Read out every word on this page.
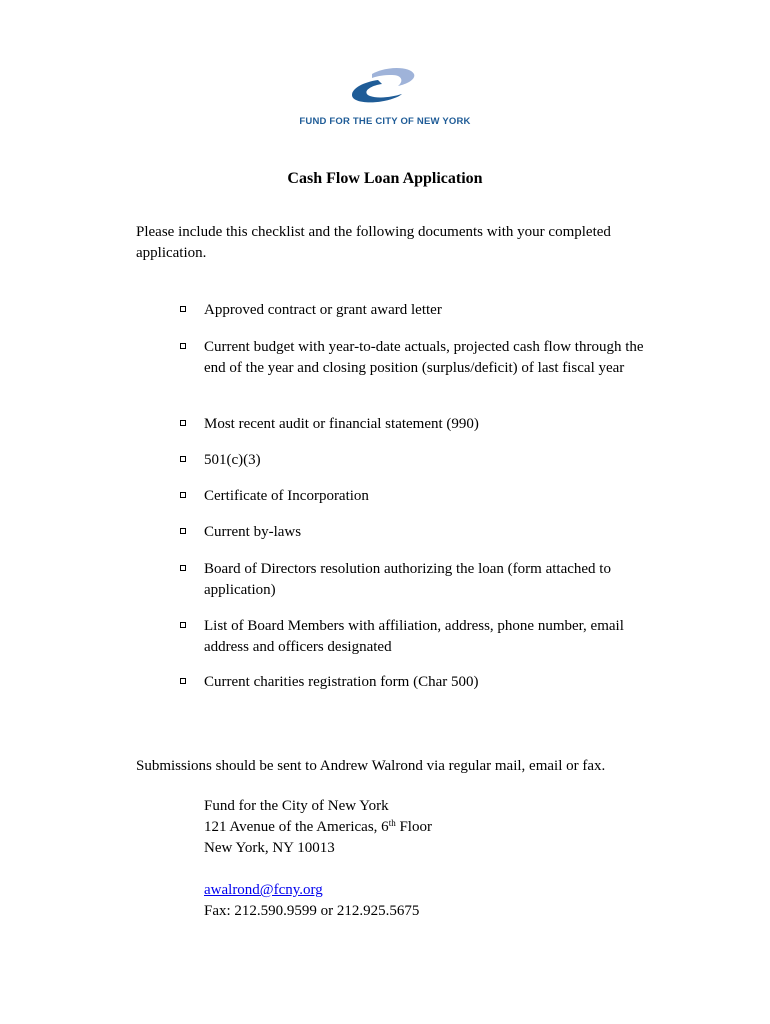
FUND FOR THE CITY OF NEW YORK
Cash Flow Loan Application
Please include this checklist and the following documents with your completed application.
Approved contract or grant award letter
Current budget with year-to-date actuals, projected cash flow through the end of the year and closing position (surplus/deficit) of last fiscal year
Most recent audit or financial statement (990)
501(c)(3)
Certificate of Incorporation
Current by-laws
Board of Directors resolution authorizing the loan (form attached to application)
List of Board Members with affiliation, address, phone number, email address and officers designated
Current charities registration form (Char 500)
Submissions should be sent to Andrew Walrond via regular mail, email or fax.
Fund for the City of New York
121 Avenue of the Americas, 6th Floor
New York, NY 10013
awalrond@fcny.org
Fax: 212.590.9599 or 212.925.5675
